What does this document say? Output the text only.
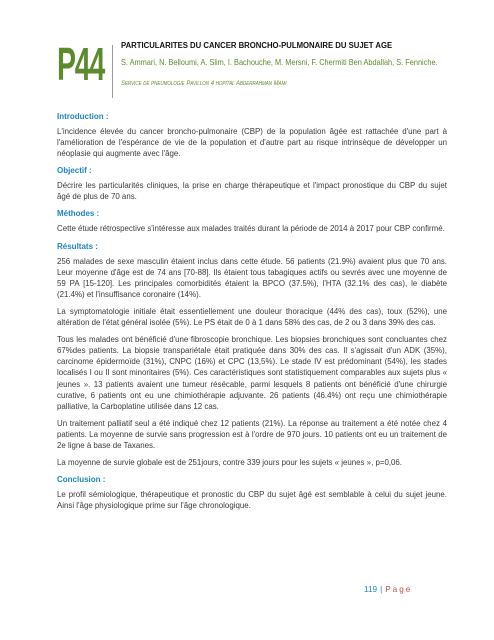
P44 PARTICULARITES DU CANCER BRONCHO-PULMONAIRE DU SUJET AGE
S. Ammari, N. Belloumi, A. Slim, I. Bachouche, M. Mersni, F. Chermiti Ben Abdallah, S. Fenniche.
Service de pneumologie Pavillon 4 hopital Abderrahman Mami
Introduction :

L'incidence élevée du cancer broncho-pulmonaire (CBP) de la population âgée est rattachée d'une part à l'amélioration de l'espérance de vie de la population et d'autre part au risque intrinsèque de développer un néoplasie qui augmente avec l'âge.

Objectif :

Décrire les particularités cliniques, la prise en charge thérapeutique et l'impact pronostique du CBP du sujet âgé de plus de 70 ans.

Méthodes :

Cette étude rétrospective s'intéresse aux malades traités durant la période de 2014 à 2017 pour CBP confirmé.

Résultats :

256 malades de sexe masculin étaient inclus dans cette étude. 56 patients (21.9%) avaient plus que 70 ans. Leur moyenne d'âge est de 74 ans [70-88]. Ils étaient tous tabagiques actifs ou sevrés avec une moyenne de 59 PA [15-120]. Les principales comorbidités étaient la BPCO (37.5%), l'HTA (32.1% des cas), le diabète (21.4%) et l'insuffisance coronaire (14%).

La symptomatologie initiale était essentiellement une douleur thoracique (44% des cas), toux (52%), une altération de l'état général isolée (5%). Le PS était de 0 à 1 dans 58% des cas, de 2 ou 3 dans 39% des cas.

Tous les malades ont bénéficié d'une fibroscopie bronchique. Les biopsies bronchiques sont concluantes chez 67%des patients. La biopsie transpariétale était pratiquée dans 30% des cas. Il s'agissait d'un ADK (35%), carcinome épidermoïde (31%), CNPC (16%) et CPC (13,5%). Le stade IV est prédominant (54%), les stades localisés I ou II sont minoritaires (5%). Ces caractéristiques sont statistiquement comparables aux sujets plus « jeunes ». 13 patients avaient une tumeur résécable, parmi lesquels 8 patients ont bénéficié d'une chirurgie curative, 6 patients ont eu une chimiothérapie adjuvante. 26 patients (46.4%) ont reçu une chimiothérapie palliative, la Carboplatine utilisée dans 12 cas.

Un traitement palliatif seul a été indiqué chez 12 patients (21%). La réponse au traitement a été notée chez 4 patients. La moyenne de survie sans progression est à l'ordre de 970 jours. 10 patients ont eu un traitement de 2e ligne à base de Taxanes.

La moyenne de survie globale est de 251jours, contre 339 jours pour les sujets « jeunes », p=0,06.

Conclusion :

Le profil sémiologique, thérapeutique et pronostic du CBP du sujet âgé est semblable à celui du sujet jeune. Ainsi l'âge physiologique prime sur l'âge chronologique.

119 | Page
